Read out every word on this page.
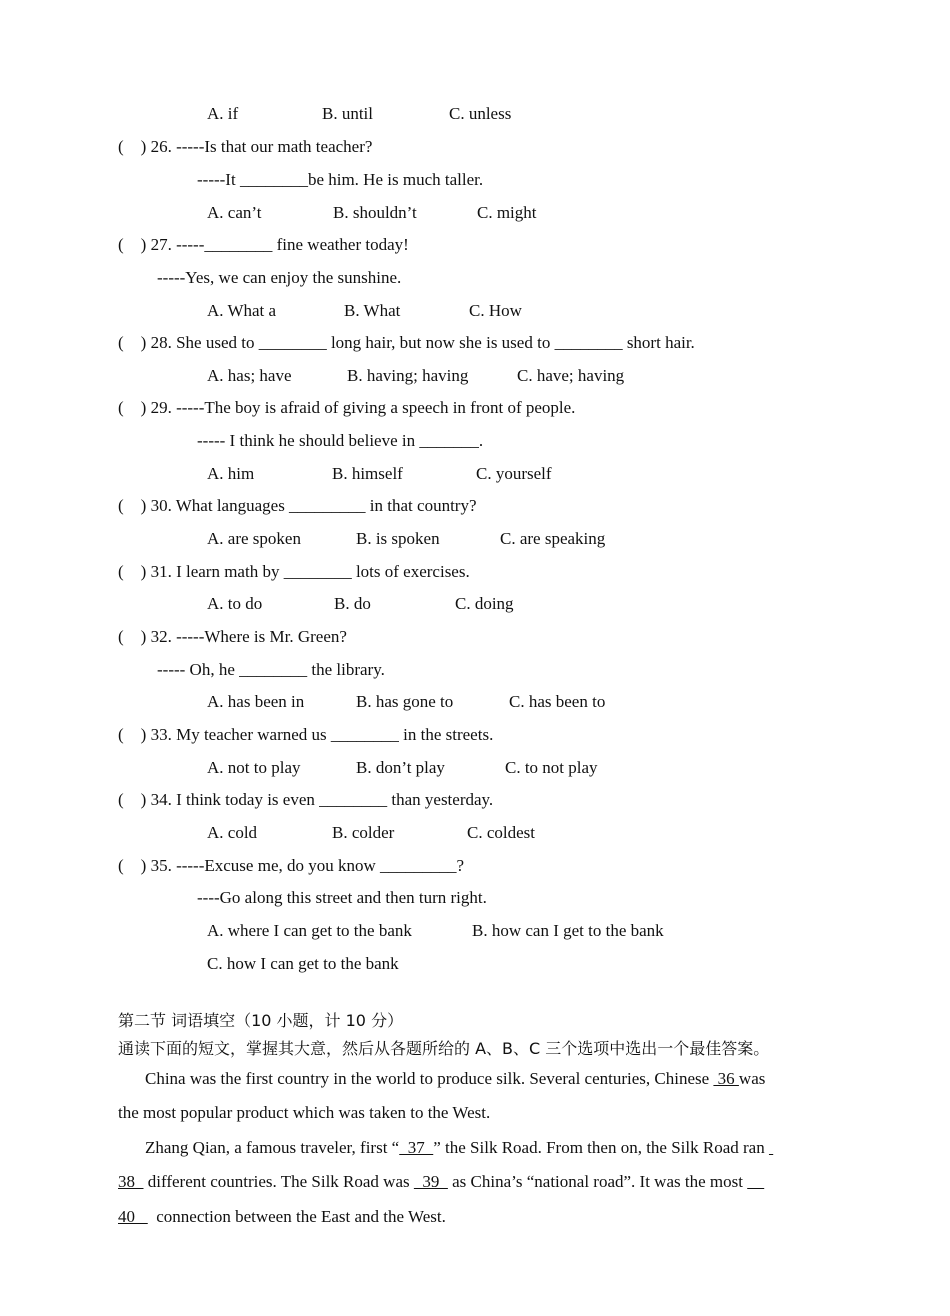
A. if	B. until	C. unless
(    ) 26. -----Is that our math teacher?
-----It ________be him. He is much taller.
A. can’t	B. shouldn’t	C. might
(    ) 27. -----________ fine weather today!
-----Yes, we can enjoy the sunshine.
A. What a	B. What	C. How
(    ) 28. She used to ________ long hair, but now she is used to ________ short hair.
A. has; have	B. having; having	C. have; having
(    ) 29. -----The boy is afraid of giving a speech in front of people.
----- I think he should believe in _______.
A. him	B. himself	C. yourself
(    ) 30. What languages _________ in that country?
A. are spoken	B. is spoken	C. are speaking
(    ) 31. I learn math by ________ lots of exercises.
A. to do	B. do	C. doing
(    ) 32. -----Where is Mr. Green?
----- Oh, he ________ the library.
A. has been in	B. has gone to	C. has been to
(    ) 33. My teacher warned us ________ in the streets.
A. not to play	B. don’t play	C. to not play
(    ) 34. I think today is even ________ than yesterday.
A. cold	B. colder	C. coldest
(    ) 35. -----Excuse me, do you know _________?
----Go along this street and then turn right.
A. where I can get to the bank	B. how can I get to the bank
C. how I can get to the bank
第二节 词语填空（10 小题，计 10 分）
通读下面的短文，掌握其大意，然后从各题所给的 A、B、C 三个选项中选出一个最佳答案。
China was the first country in the world to produce silk. Several centuries, Chinese  36 was
the most popular product which was taken to the West.
Zhang Qian, a famous traveler, first “  37  ” the Silk Road. From then on, the Silk Road ran
38   different countries. The Silk Road was   39   as China’s “national road”. It was the most
40     connection between the East and the West.
